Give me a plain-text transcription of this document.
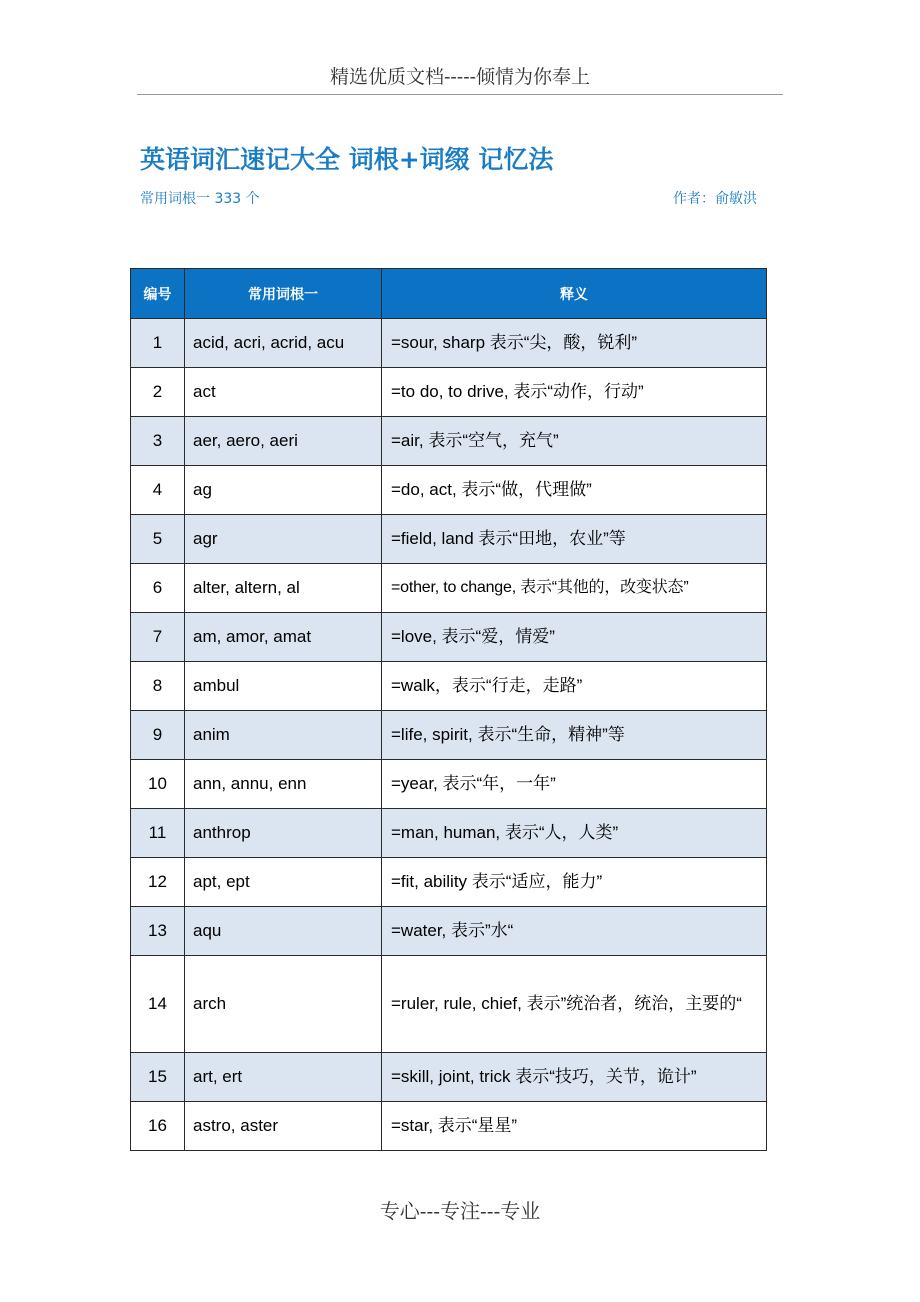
精选优质文档-----倾情为你奉上
英语词汇速记大全 词根+词缀 记忆法
常用词根一 333 个	作者：俞敏洪
编号	常用词根一	释义
1	acid, acri, acrid, acu	=sour, sharp 表示“尖，酸，锐利”
2	act	=to do, to drive, 表示“动作，行动”
3	aer, aero, aeri	=air, 表示“空气，充气”
4	ag	=do, act, 表示“做，代理做”
5	agr	=field, land 表示“田地，农业”等
6	alter, altern, al	=other, to change, 表示“其他的，改变状态”
7	am, amor, amat	=love, 表示“爱，情爱”
8	ambul	=walk，表示“行走，走路”
9	anim	=life, spirit, 表示“生命，精神”等
10	ann, annu, enn	=year, 表示“年，一年”
11	anthrop	=man, human, 表示“人，人类”
12	apt, ept	=fit, ability 表示“适应，能力”
13	aqu	=water, 表示”水“
14	arch	=ruler, rule, chief, 表示”统治者，统治，主要的“
15	art, ert	=skill, joint, trick 表示“技巧，关节，诡计”
16	astro, aster	=star, 表示“星星”
专心---专注---专业
